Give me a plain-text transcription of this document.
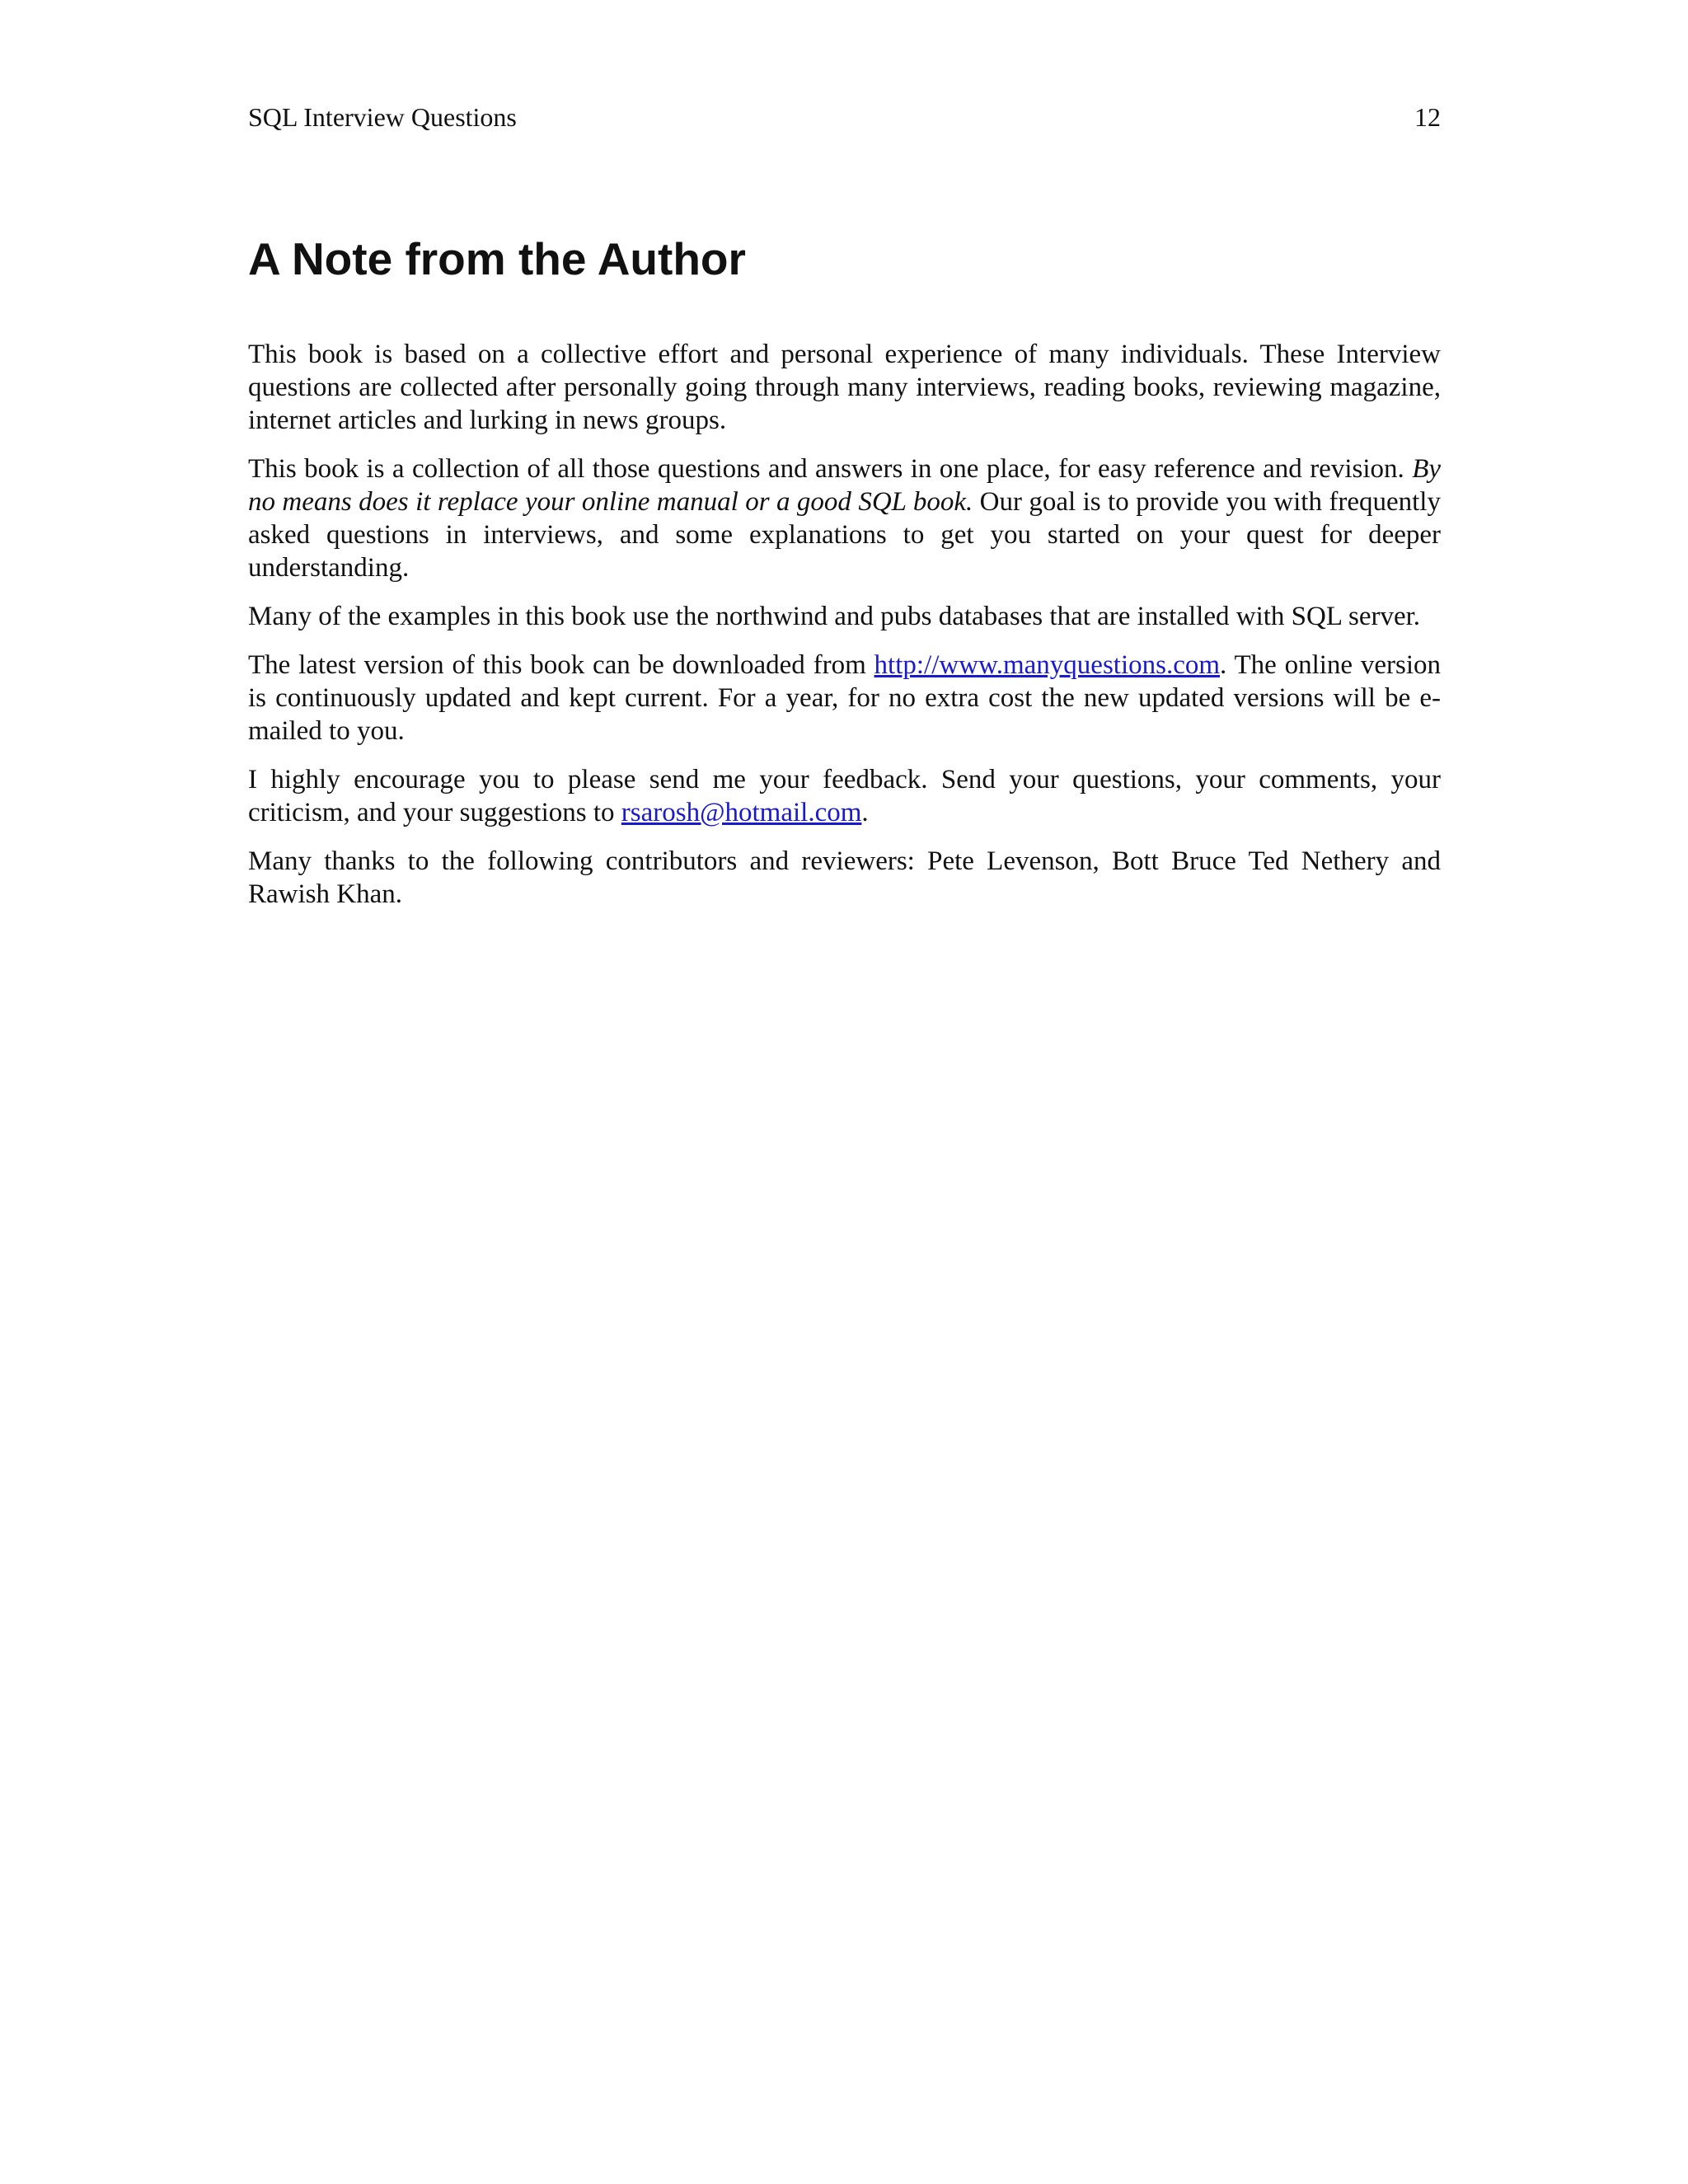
SQL Interview Questions	12
A Note from the Author

This book is based on a collective effort and personal experience of many individuals. These Interview questions are collected after personally going through many interviews, reading books, reviewing magazine, internet articles and lurking in news groups.

This book is a collection of all those questions and answers in one place, for easy reference and revision. By no means does it replace your online manual or a good SQL book. Our goal is to provide you with frequently asked questions in interviews, and some explanations to get you started on your quest for deeper understanding.

Many of the examples in this book use the northwind and pubs databases that are installed with SQL server.

The latest version of this book can be downloaded from http://www.manyquestions.com. The online version is continuously updated and kept current. For a year, for no extra cost the new updated versions will be e-mailed to you.

I highly encourage you to please send me your feedback. Send your questions, your comments, your criticism, and your suggestions to rsarosh@hotmail.com.

Many thanks to the following contributors and reviewers: Pete Levenson, Bott Bruce Ted Nethery and Rawish Khan.
